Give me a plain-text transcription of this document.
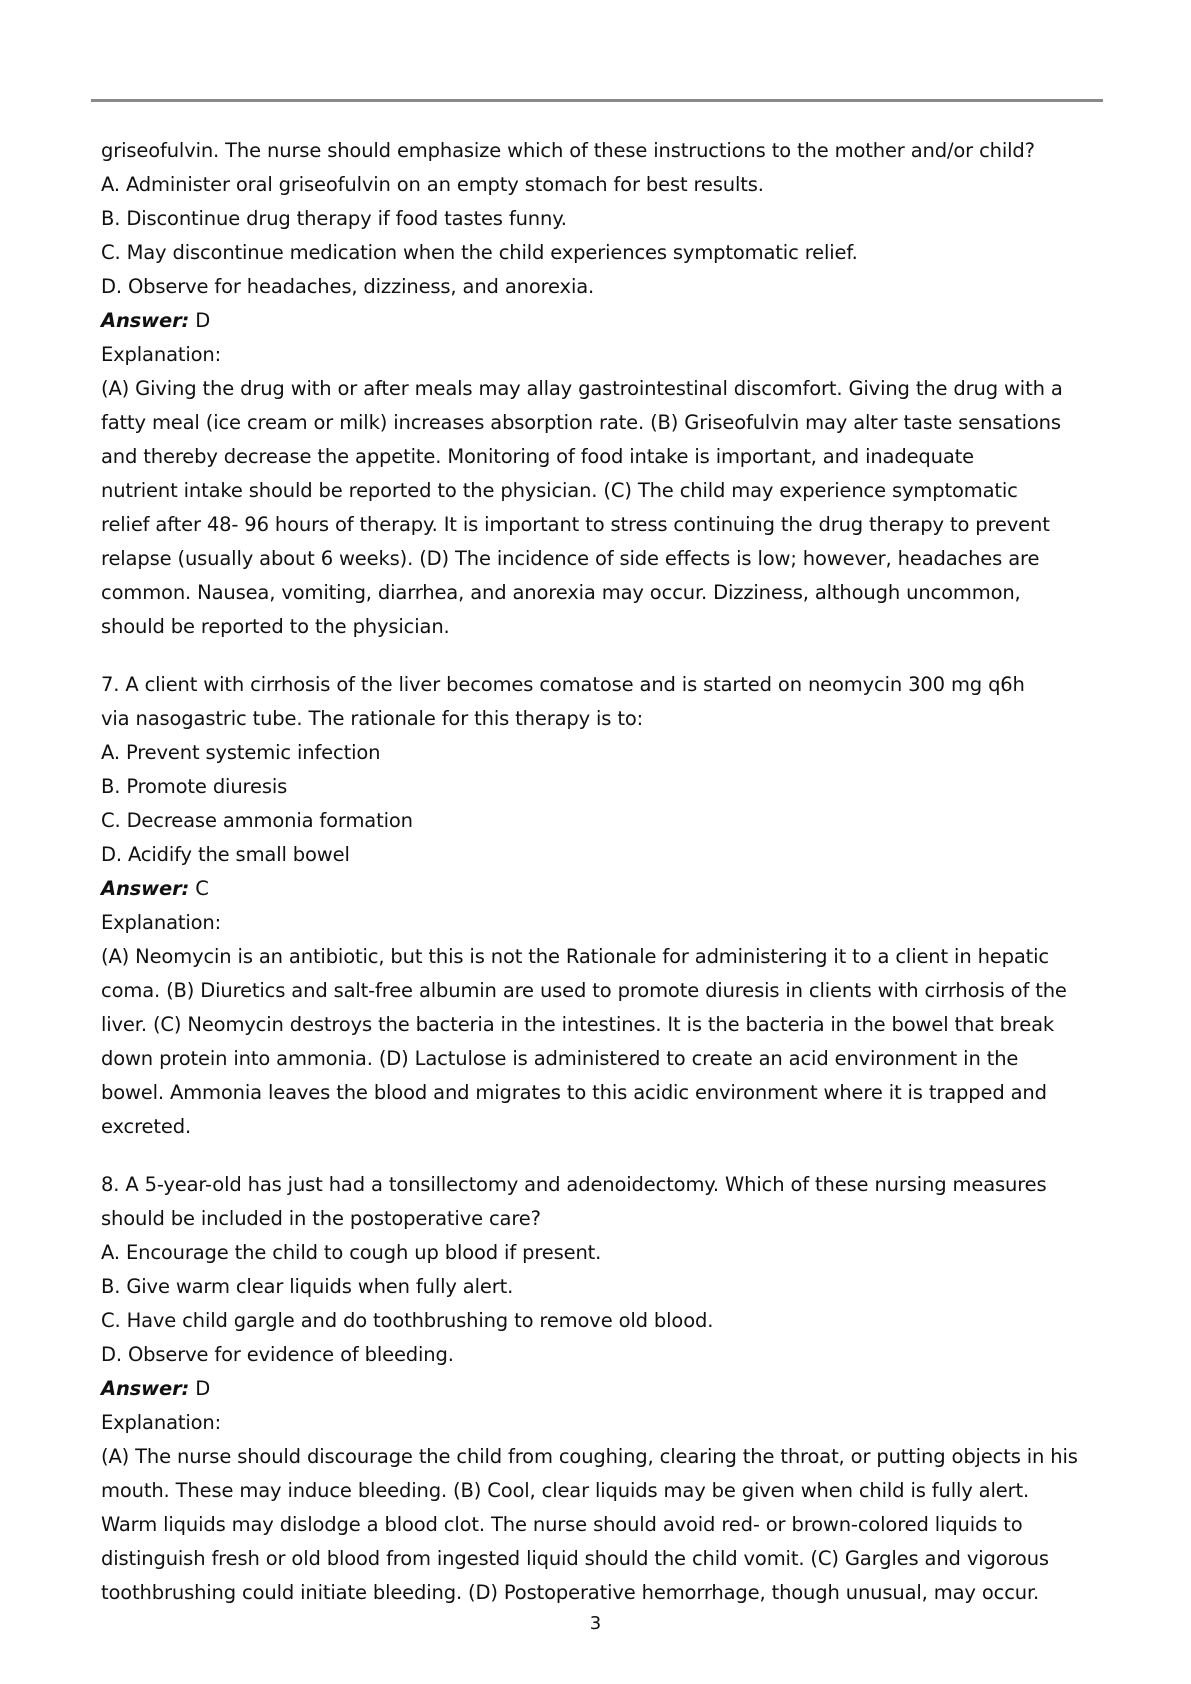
griseofulvin. The nurse should emphasize which of these instructions to the mother and/or child?
A. Administer oral griseofulvin on an empty stomach for best results.
B. Discontinue drug therapy if food tastes funny.
C. May discontinue medication when the child experiences symptomatic relief.
D. Observe for headaches, dizziness, and anorexia.
Answer: D
Explanation:
(A) Giving the drug with or after meals may allay gastrointestinal discomfort. Giving the drug with a
fatty meal (ice cream or milk) increases absorption rate. (B) Griseofulvin may alter taste sensations
and thereby decrease the appetite. Monitoring of food intake is important, and inadequate
nutrient intake should be reported to the physician. (C) The child may experience symptomatic
relief after 48- 96 hours of therapy. It is important to stress continuing the drug therapy to prevent
relapse (usually about 6 weeks). (D) The incidence of side effects is low; however, headaches are
common. Nausea, vomiting, diarrhea, and anorexia may occur. Dizziness, although uncommon,
should be reported to the physician.
7. A client with cirrhosis of the liver becomes comatose and is started on neomycin 300 mg q6h
via nasogastric tube. The rationale for this therapy is to:
A. Prevent systemic infection
B. Promote diuresis
C. Decrease ammonia formation
D. Acidify the small bowel
Answer: C
Explanation:
(A) Neomycin is an antibiotic, but this is not the Rationale for administering it to a client in hepatic
coma. (B) Diuretics and salt-free albumin are used to promote diuresis in clients with cirrhosis of the
liver. (C) Neomycin destroys the bacteria in the intestines. It is the bacteria in the bowel that break
down protein into ammonia. (D) Lactulose is administered to create an acid environment in the
bowel. Ammonia leaves the blood and migrates to this acidic environment where it is trapped and
excreted.
8. A 5-year-old has just had a tonsillectomy and adenoidectomy. Which of these nursing measures
should be included in the postoperative care?
A. Encourage the child to cough up blood if present.
B. Give warm clear liquids when fully alert.
C. Have child gargle and do toothbrushing to remove old blood.
D. Observe for evidence of bleeding.
Answer: D
Explanation:
(A) The nurse should discourage the child from coughing, clearing the throat, or putting objects in his
mouth. These may induce bleeding. (B) Cool, clear liquids may be given when child is fully alert.
Warm liquids may dislodge a blood clot. The nurse should avoid red- or brown-colored liquids to
distinguish fresh or old blood from ingested liquid should the child vomit. (C) Gargles and vigorous
toothbrushing could initiate bleeding. (D) Postoperative hemorrhage, though unusual, may occur.
3
